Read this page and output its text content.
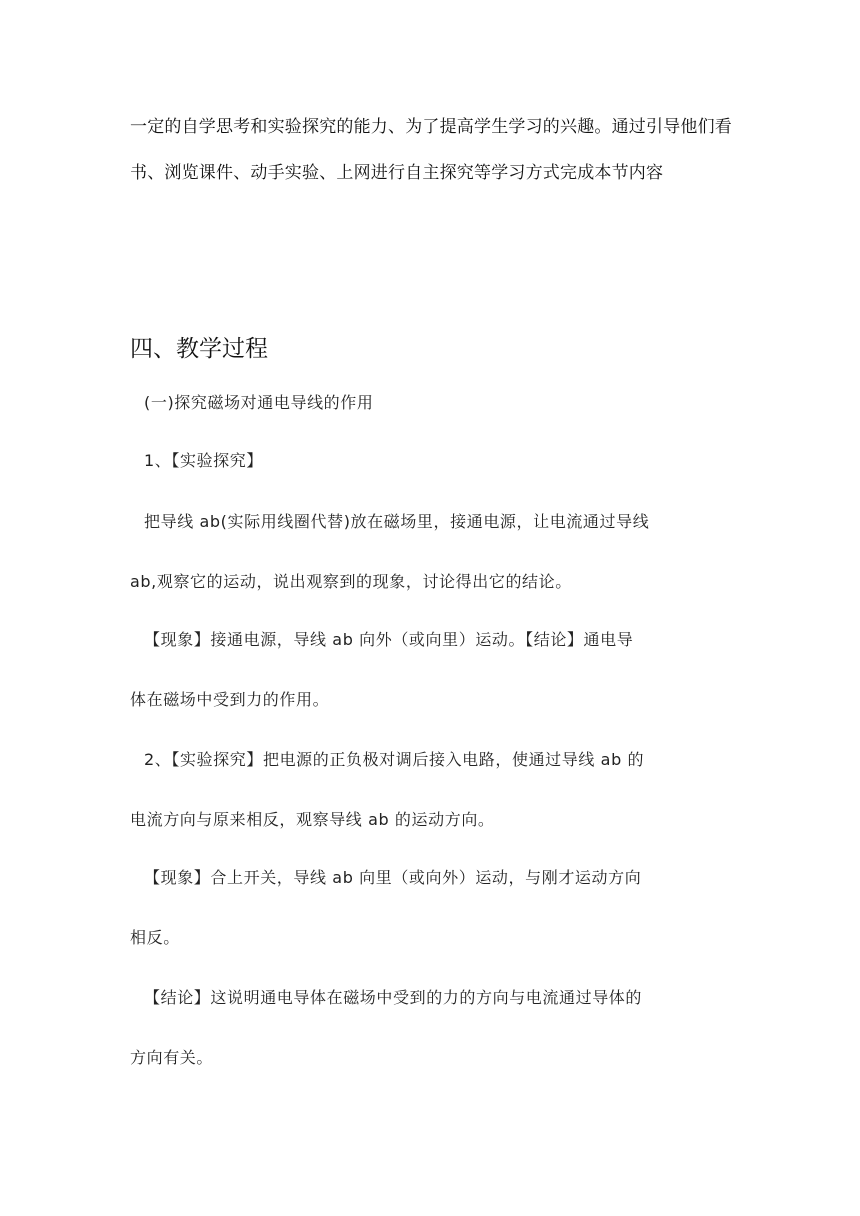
一定的自学思考和实验探究的能力、为了提高学生学习的兴趣。通过引导他们看
书、浏览课件、动手实验、上网进行自主探究等学习方式完成本节内容
四、教学过程

(一)探究磁场对通电导线的作用

1、【实验探究】

把导线 ab(实际用线圈代替)放在磁场里，接通电源，让电流通过导线
ab,观察它的运动，说出观察到的现象，讨论得出它的结论。

【现象】接通电源，导线 ab 向外（或向里）运动。【结论】通电导
体在磁场中受到力的作用。

2、【实验探究】把电源的正负极对调后接入电路，使通过导线 ab 的
电流方向与原来相反，观察导线 ab 的运动方向。

【现象】合上开关，导线 ab 向里（或向外）运动，与刚才运动方向
相反。

【结论】这说明通电导体在磁场中受到的力的方向与电流通过导体的
方向有关。
